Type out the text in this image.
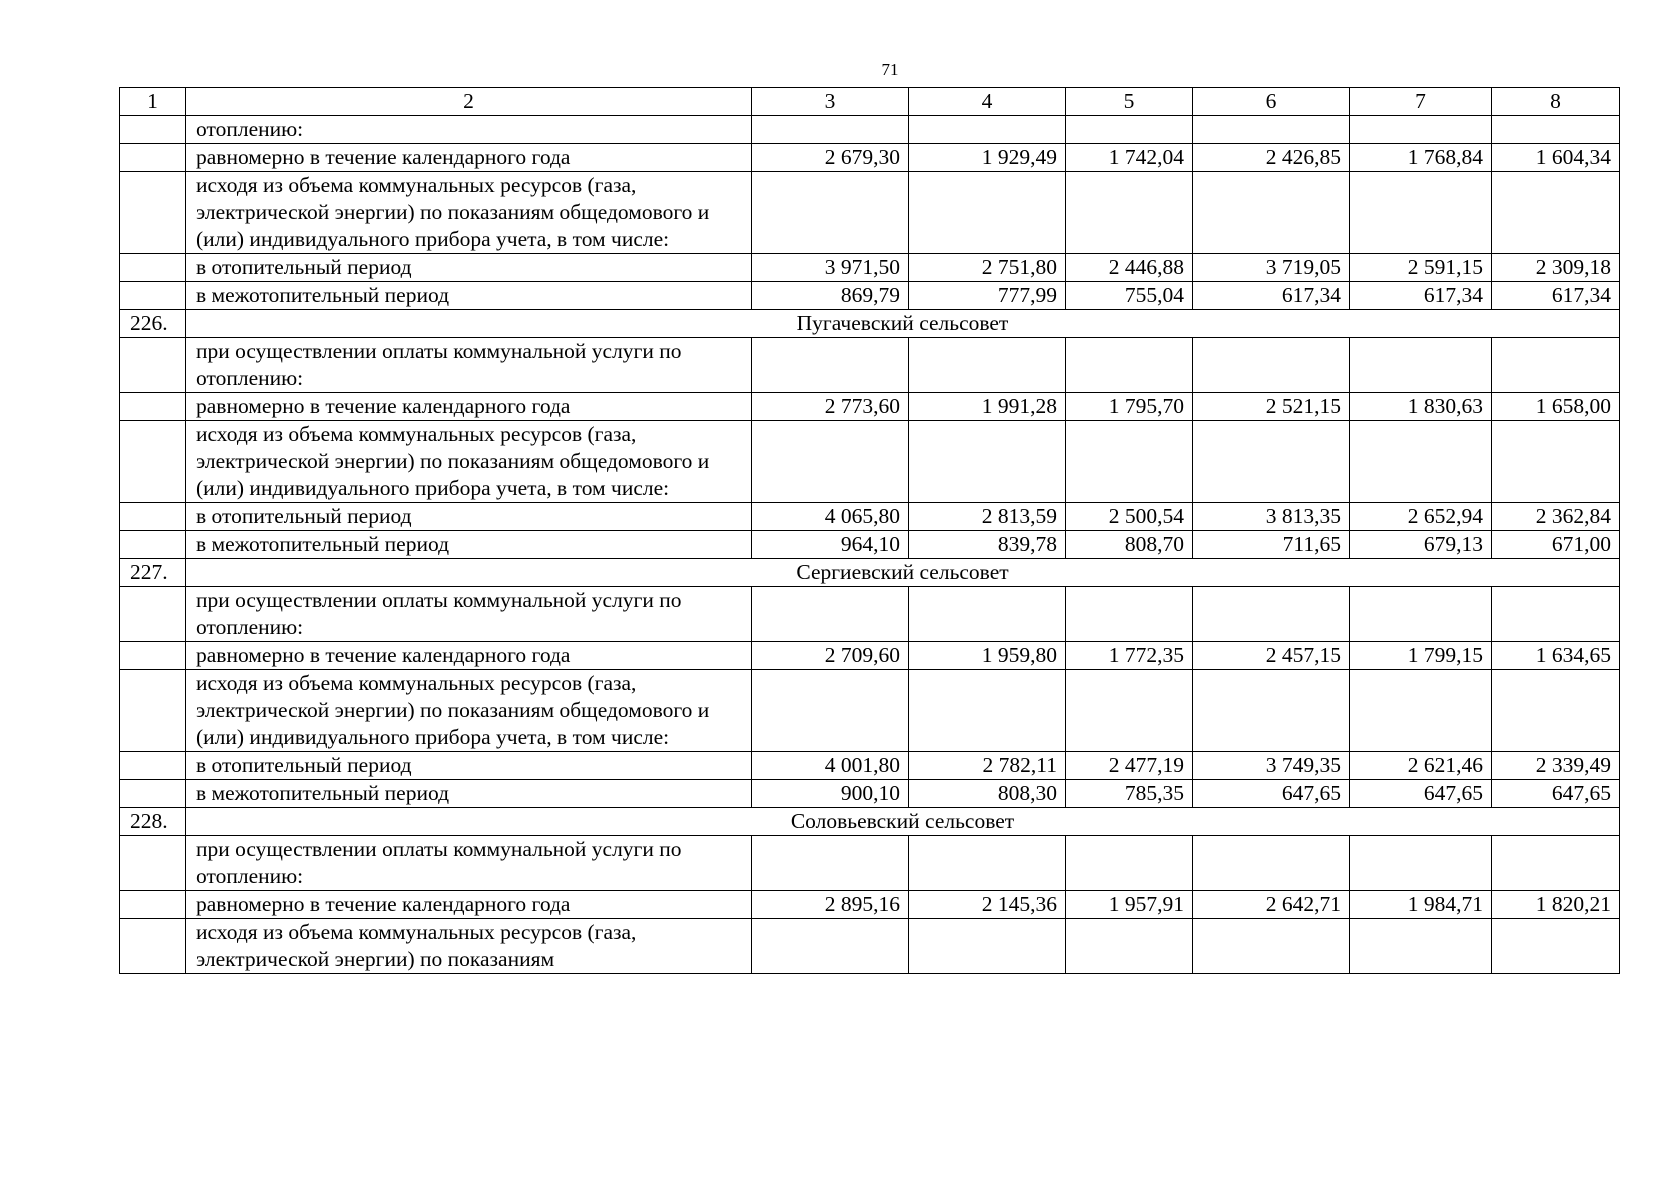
71
1	2	3	4	5	6	7	8
	отоплению:						
	равномерно в течение календарного года	2 679,30	1 929,49	1 742,04	2 426,85	1 768,84	1 604,34
	исходя из объема коммунальных ресурсов (газа, электрической энергии) по показаниям общедомового и (или) индивидуального прибора учета, в том числе:						
	в отопительный период	3 971,50	2 751,80	2 446,88	3 719,05	2 591,15	2 309,18
	в межотопительный период	869,79	777,99	755,04	617,34	617,34	617,34
226.	Пугачевский сельсовет						
	при осуществлении оплаты коммунальной услуги по отоплению:						
	равномерно в течение календарного года	2 773,60	1 991,28	1 795,70	2 521,15	1 830,63	1 658,00
	исходя из объема коммунальных ресурсов (газа, электрической энергии) по показаниям общедомового и (или) индивидуального прибора учета, в том числе:						
	в отопительный период	4 065,80	2 813,59	2 500,54	3 813,35	2 652,94	2 362,84
	в межотопительный период	964,10	839,78	808,70	711,65	679,13	671,00
227.	Сергиевский сельсовет						
	при осуществлении оплаты коммунальной услуги по отоплению:						
	равномерно в течение календарного года	2 709,60	1 959,80	1 772,35	2 457,15	1 799,15	1 634,65
	исходя из объема коммунальных ресурсов (газа, электрической энергии) по показаниям общедомового и (или) индивидуального прибора учета, в том числе:						
	в отопительный период	4 001,80	2 782,11	2 477,19	3 749,35	2 621,46	2 339,49
	в межотопительный период	900,10	808,30	785,35	647,65	647,65	647,65
228.	Соловьевский сельсовет						
	при осуществлении оплаты коммунальной услуги по отоплению:						
	равномерно в течение календарного года	2 895,16	2 145,36	1 957,91	2 642,71	1 984,71	1 820,21
	исходя из объема коммунальных ресурсов (газа, электрической энергии) по показаниям						
